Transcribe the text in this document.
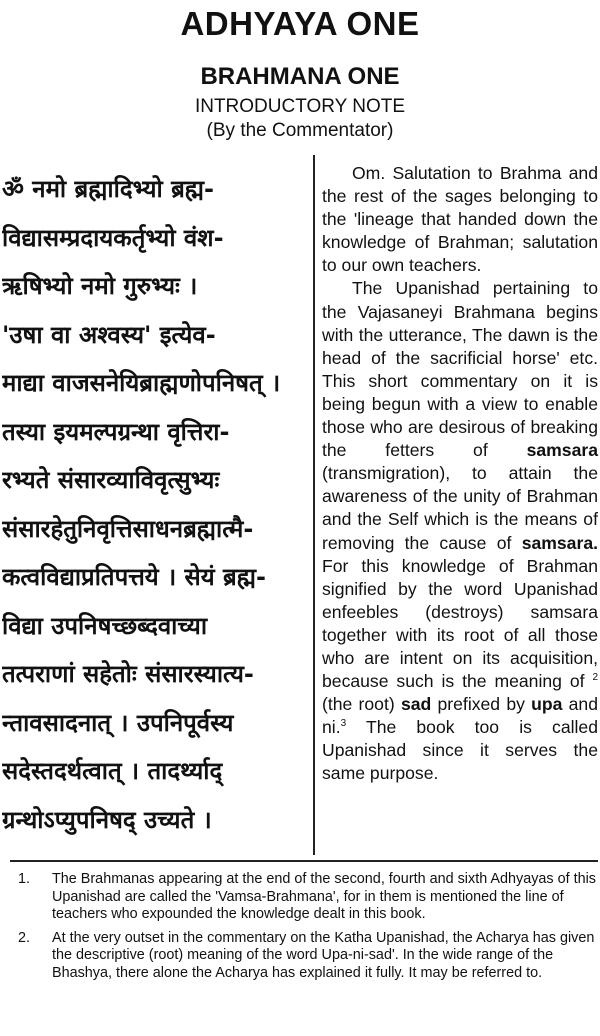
ADHYAYA ONE
BRAHMANA ONE
INTRODUCTORY NOTE
(By the Commentator)
ॐ नमो ब्रह्मादिभ्यो ब्रह्म-
विद्यासम्प्रदायकर्तृभ्यो वंश-
ऋषिभ्यो नमो गुरुभ्यः ।
'उषा वा अश्वस्य' इत्येव-
माद्या वाजसनेयिब्राह्मणोपनिषत् ।
तस्या इयमल्पग्रन्था वृत्तिरा-
रभ्यते संसारव्याविवृत्सुभ्यः
संसारहेतुनिवृत्तिसाधनब्रह्मात्मै-
कत्वविद्याप्रतिपत्तये । सेयं ब्रह्म-
विद्या उपनिषच्छब्दवाच्या
तत्पराणां सहेतोः संसारस्यात्य-
न्तावसादनात् । उपनिपूर्वस्य
सदेस्तदर्थत्वात् । तादर्थ्याद्
ग्रन्थोऽप्युपनिषद् उच्यते ।

Om. Salutation to Brahma and the rest of the sages belonging to the 'lineage that handed down the knowledge of Brahman; salutation to our own teachers.

The Upanishad pertaining to the Vajasaneyi Brahmana begins with the utterance, The dawn is the head of the sacrificial horse' etc. This short commentary on it is being begun with a view to enable those who are desirous of breaking the fetters of samsara (transmigration), to attain the awareness of the unity of Brahman and the Self which is the means of removing the cause of samsara. For this knowledge of Brahman signified by the word Upanishad enfeebles (destroys) samsara together with its root of all those who are intent on its acquisition, because such is the meaning of $^2$ (the root) sad prefixed by upa and ni.$^3$ The book too is called Upanishad since it serves the same purpose.

1. The Brahmanas appearing at the end of the second, fourth and sixth Adhyayas of this Upanishad are called the 'Vamsa-Brahmana', for in them is mentioned the line of teachers who expounded the knowledge dealt in this book.
2. At the very outset in the commentary on the Katha Upanishad, the Acharya has given the descriptive (root) meaning of the word Upa-ni-sad'. In the wide range of the Bhashya, there alone the Acharya has explained it fully. It may be referred to.
